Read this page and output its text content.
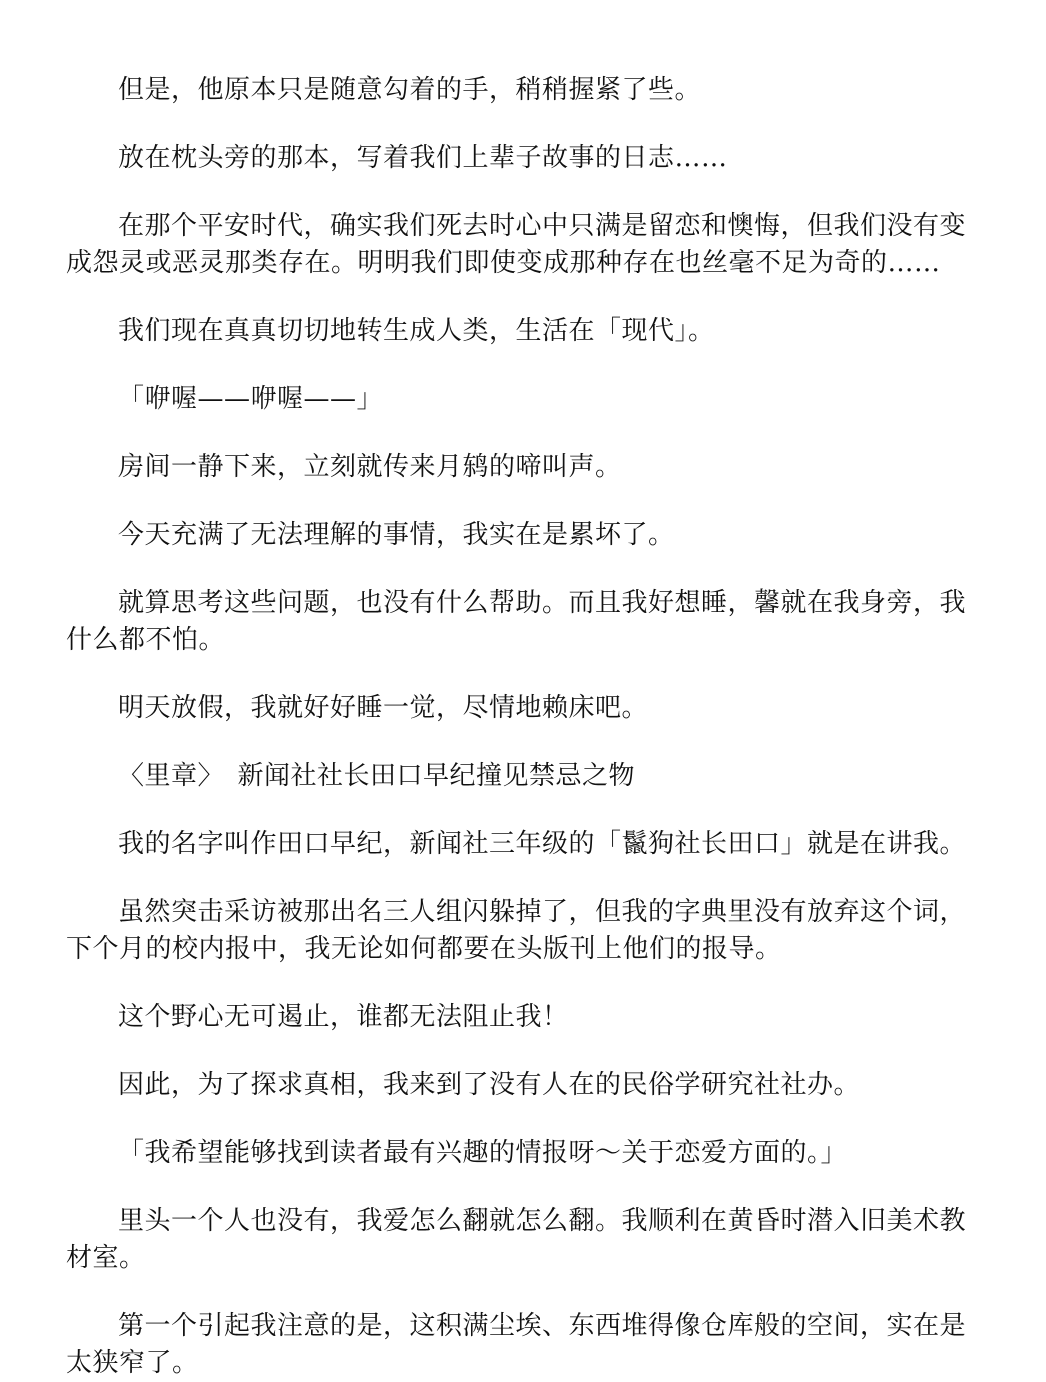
但是，他原本只是随意勾着的手，稍稍握紧了些。

放在枕头旁的那本，写着我们上辈子故事的日志……

在那个平安时代，确实我们死去时心中只满是留恋和懊悔，但我们没有变成怨灵或恶灵那类存在。明明我们即使变成那种存在也丝毫不足为奇的……

我们现在真真切切地转生成人类，生活在「现代」。

「咿喔——咿喔——」

房间一静下来，立刻就传来月鸫的啼叫声。

今天充满了无法理解的事情，我实在是累坏了。

就算思考这些问题，也没有什么帮助。而且我好想睡，馨就在我身旁，我什么都不怕。

明天放假，我就好好睡一觉，尽情地赖床吧。

〈里章〉　新闻社社长田口早纪撞见禁忌之物

我的名字叫作田口早纪，新闻社三年级的「鬣狗社长田口」就是在讲我。

虽然突击采访被那出名三人组闪躲掉了，但我的字典里没有放弃这个词，下个月的校内报中，我无论如何都要在头版刊上他们的报导。

这个野心无可遏止，谁都无法阻止我！

因此，为了探求真相，我来到了没有人在的民俗学研究社社办。

「我希望能够找到读者最有兴趣的情报呀～关于恋爱方面的。」

里头一个人也没有，我爱怎么翻就怎么翻。我顺利在黄昏时潜入旧美术教材室。

第一个引起我注意的是，这积满尘埃、东西堆得像仓库般的空间，实在是太狭窄了。
